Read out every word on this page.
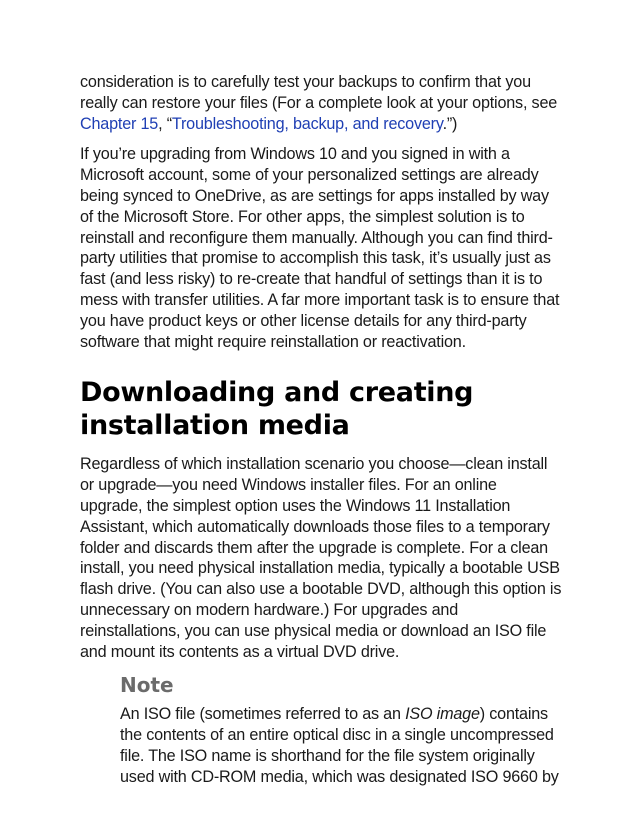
consideration is to carefully test your backups to confirm that you really can restore your files (For a complete look at your options, see Chapter 15, “Troubleshooting, backup, and recovery.”)

If you’re upgrading from Windows 10 and you signed in with a Microsoft account, some of your personalized settings are already being synced to OneDrive, as are settings for apps installed by way of the Microsoft Store. For other apps, the simplest solution is to reinstall and reconfigure them manually. Although you can find third-party utilities that promise to accomplish this task, it’s usually just as fast (and less risky) to re-create that handful of settings than it is to mess with transfer utilities. A far more important task is to ensure that you have product keys or other license details for any third-party software that might require reinstallation or reactivation.

Downloading and creating installation media

Regardless of which installation scenario you choose—clean install or upgrade—you need Windows installer files. For an online upgrade, the simplest option uses the Windows 11 Installation Assistant, which automatically downloads those files to a temporary folder and discards them after the upgrade is complete. For a clean install, you need physical installation media, typically a bootable USB flash drive. (You can also use a bootable DVD, although this option is unnecessary on modern hardware.) For upgrades and reinstallations, you can use physical media or download an ISO file and mount its contents as a virtual DVD drive.

Note

An ISO file (sometimes referred to as an ISO image) contains the contents of an entire optical disc in a single uncompressed file. The ISO name is shorthand for the file system originally used with CD-ROM media, which was designated ISO 9660 by
